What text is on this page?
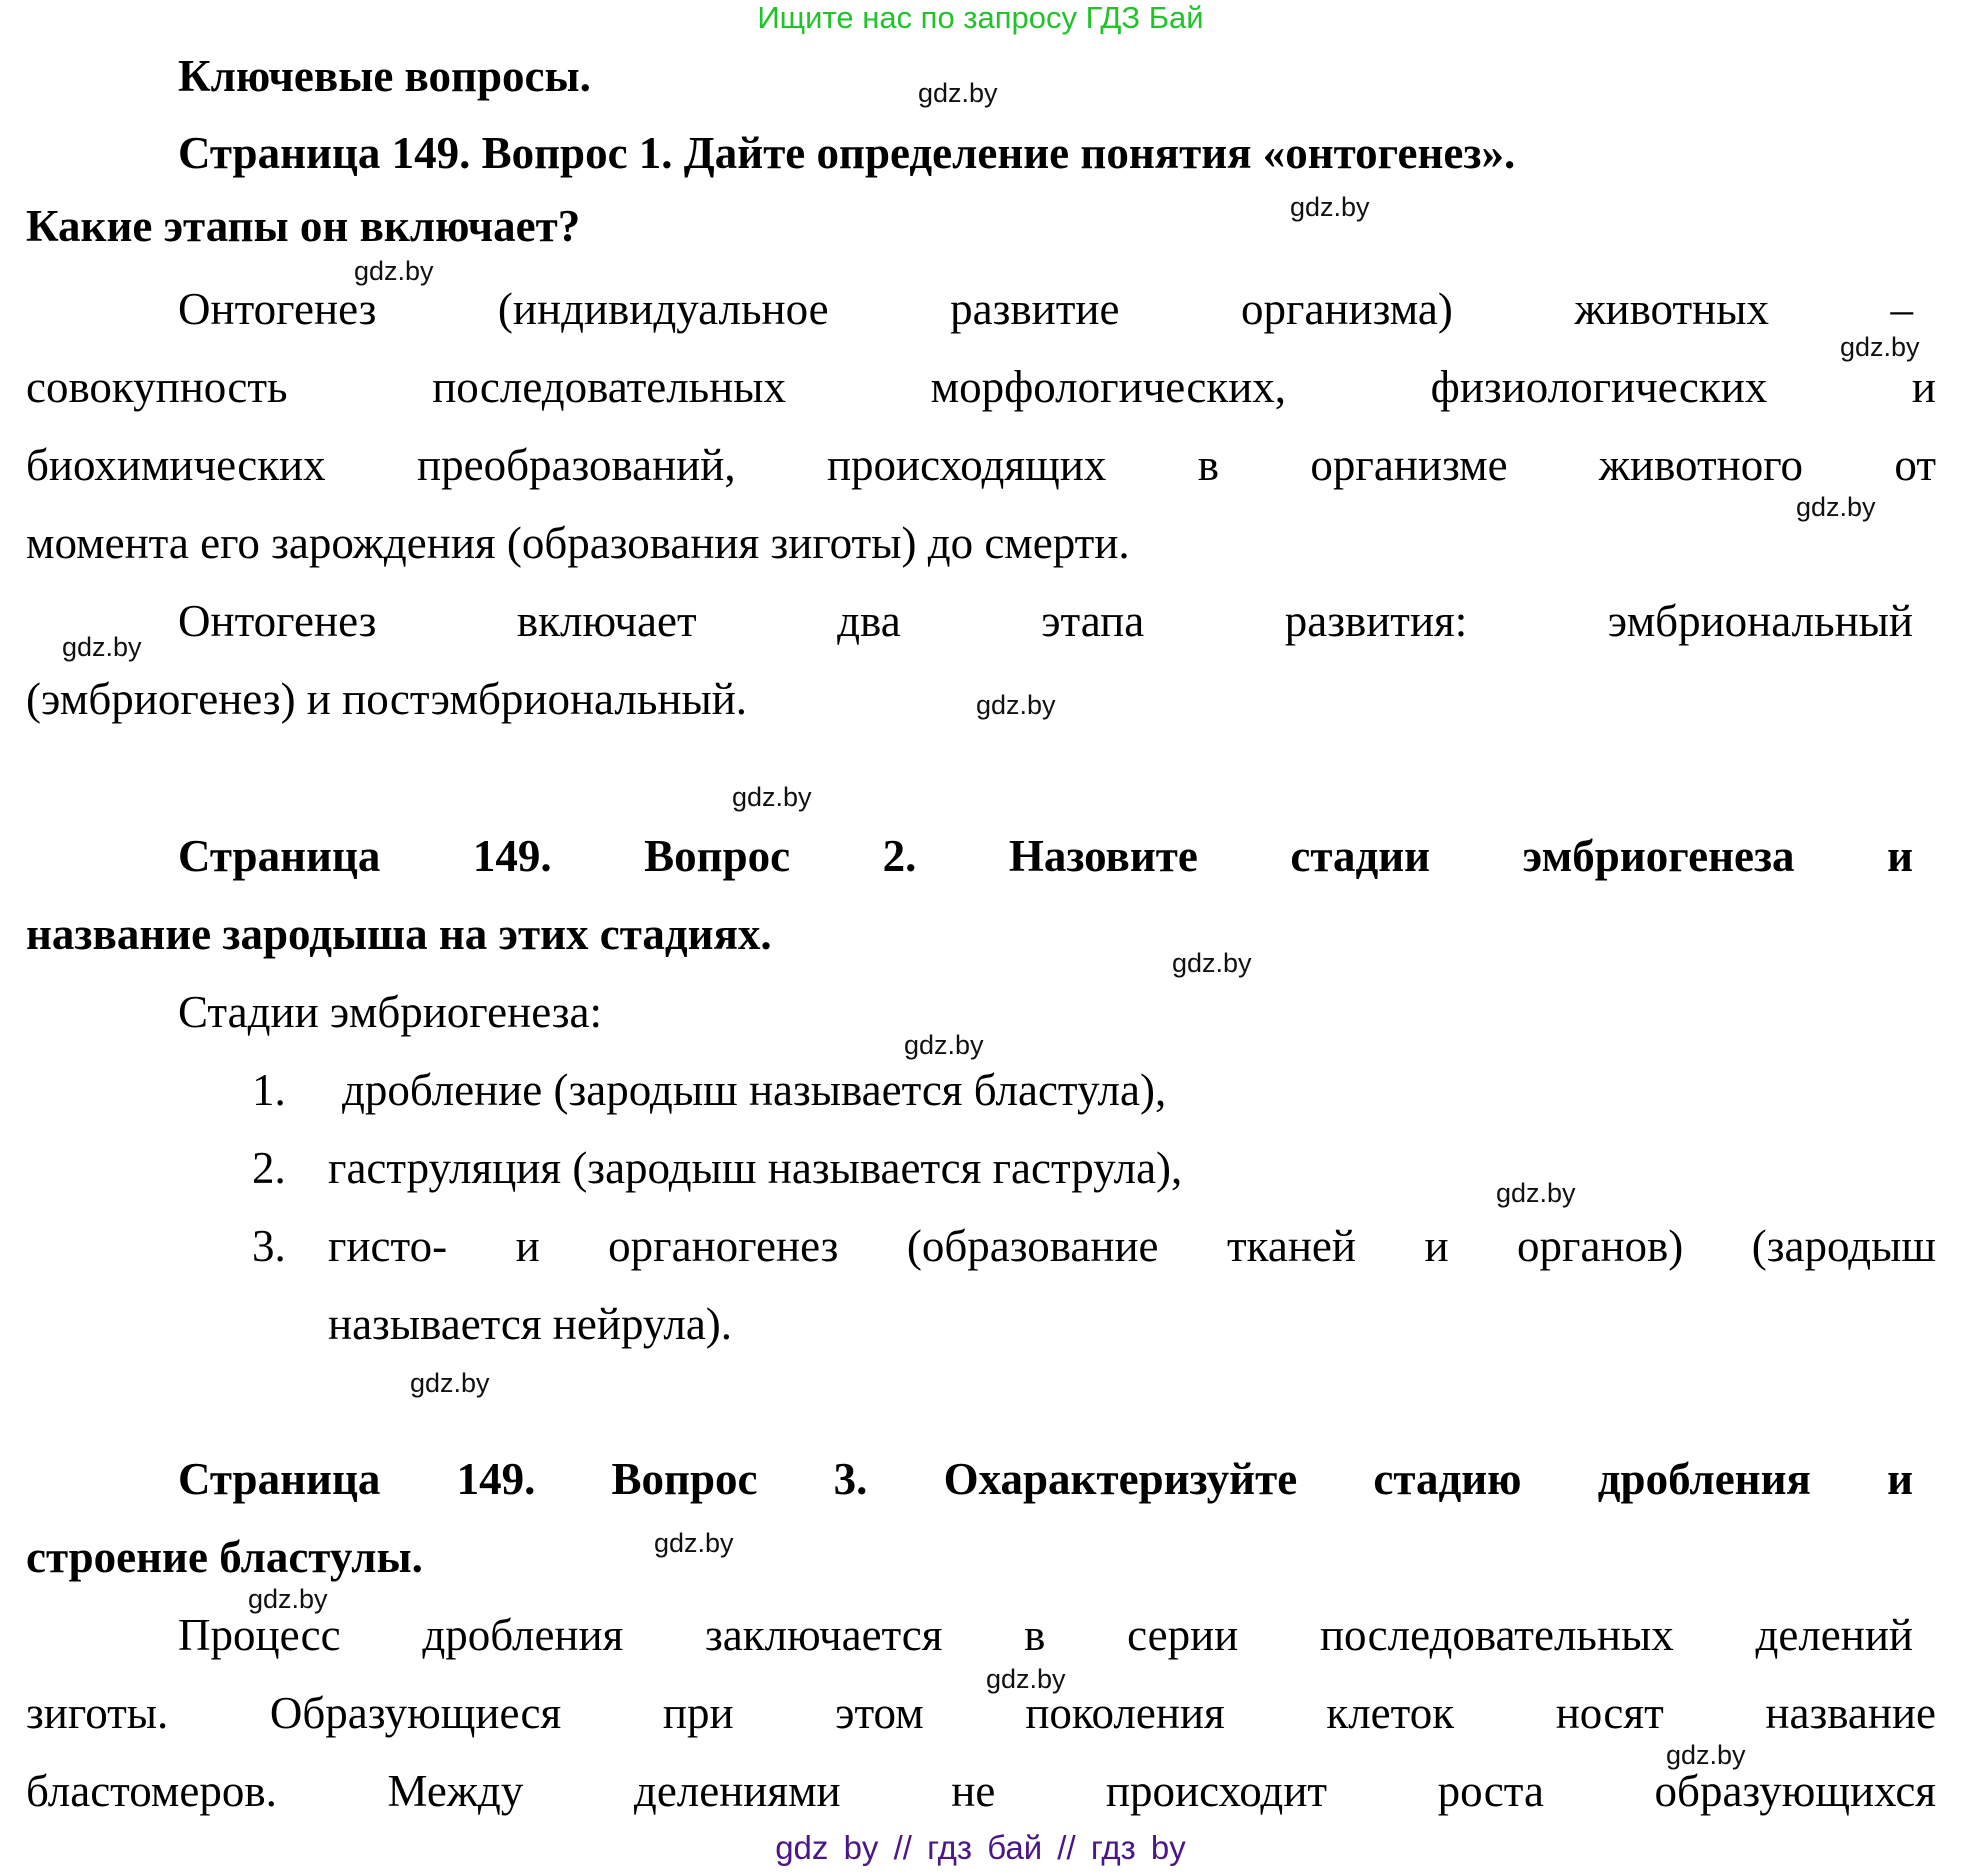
Ищите нас по запросу ГДЗ Бай
Ключевые вопросы.	gdz.by
Страница 149. Вопрос 1. Дайте определение понятия «онтогенез».
gdz.by
Какие этапы он включает?
gdz.by
Онтогенез (индивидуальное развитие организма) животных –
gdz.by
совокупность последовательных морфологических, физиологических и
биохимических преобразований, происходящих в организме животного от
gdz.by
момента его зарождения (образования зиготы) до смерти.
gdz.by
Онтогенез включает два этапа развития: эмбриональный
(эмбриогенез) и постэмбриональный.	gdz.by
gdz.by
Страница 149. Вопрос 2. Назовите стадии эмбриогенеза и
название зародыша на этих стадиях.
gdz.by
Стадии эмбриогенеза:
gdz.by
1. дробление (зародыш называется бластула),
2. гаструляция (зародыш называется гаструла),	gdz.by
3. гисто- и органогенез (образование тканей и органов) (зародыш
называется нейрула).
gdz.by
Страница 149. Вопрос 3. Охарактеризуйте стадию дробления и
gdz.by
строение бластулы.
gdz.by
Процесс дробления заключается в серии последовательных делений
gdz.by
зиготы. Образующиеся при этом поколения клеток носят название
gdz.by
бластомеров. Между делениями не происходит роста образующихся
gdz by // гдз бай // гдз by
